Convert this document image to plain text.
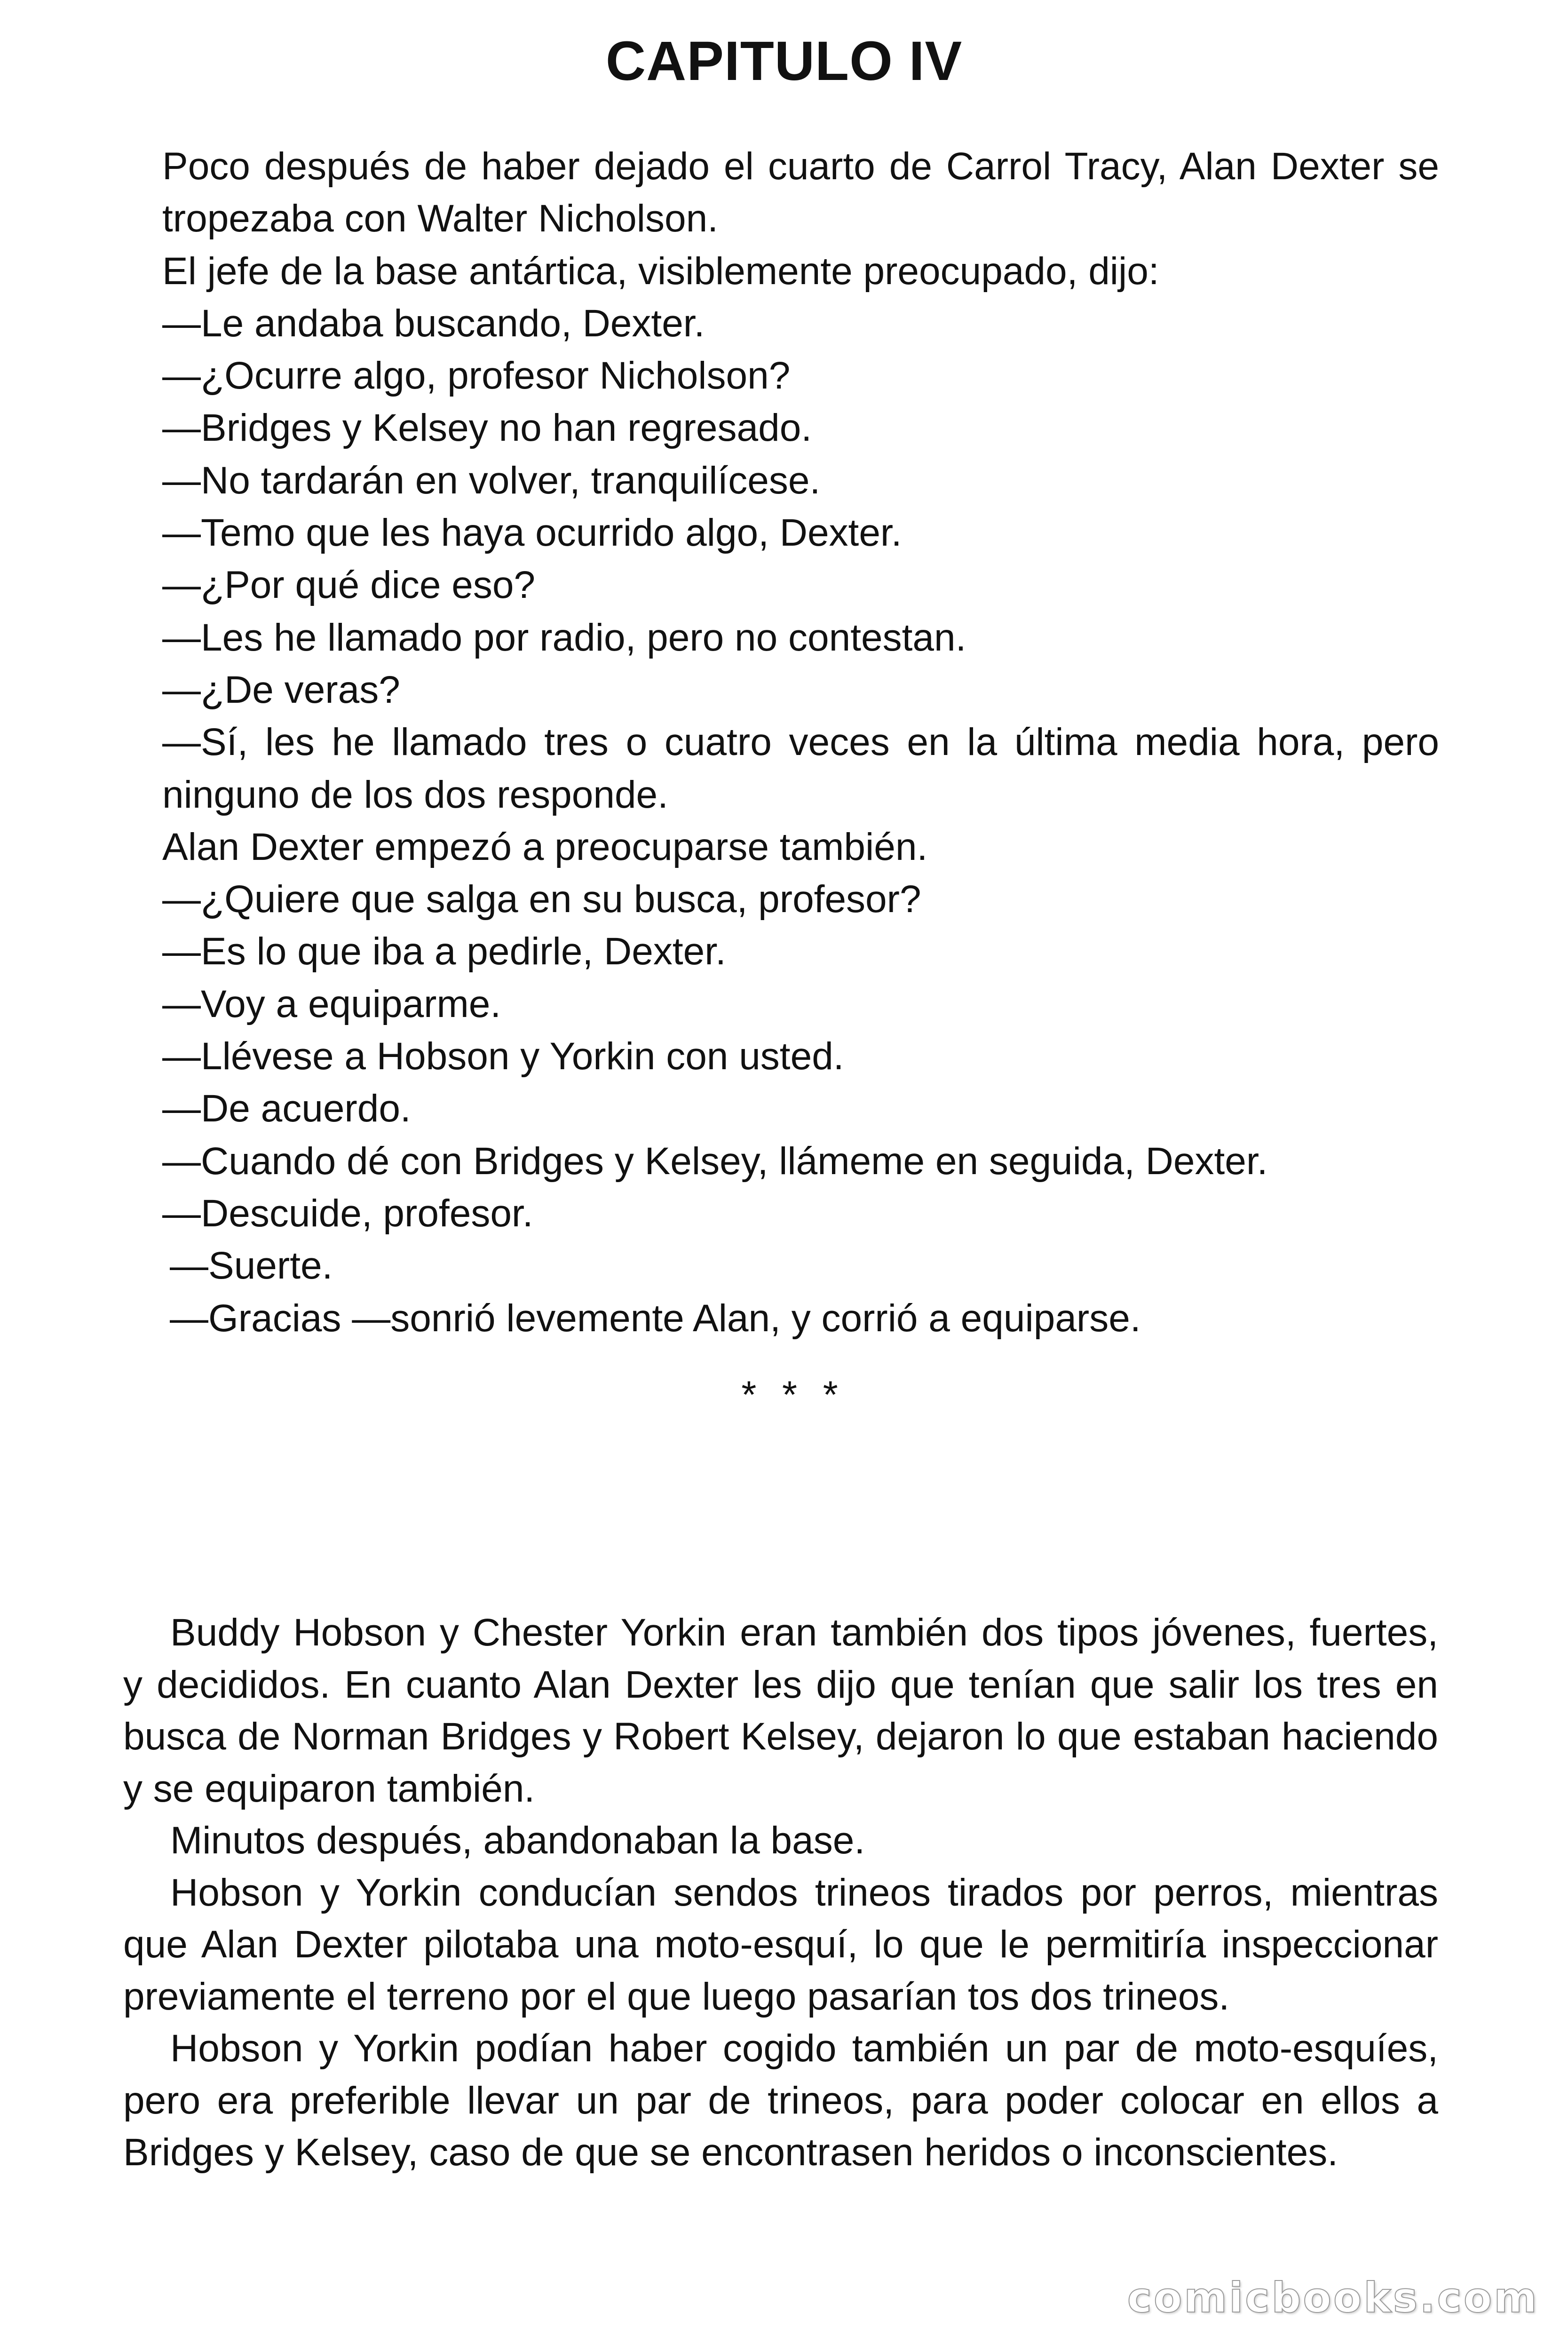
CAPITULO IV

Poco después de haber dejado el cuarto de Carrol Tracy, Alan Dexter se tropezaba con Walter Nicholson.

El jefe de la base antártica, visiblemente preocupado, dijo:

—Le andaba buscando, Dexter.

—¿Ocurre algo, profesor Nicholson?

—Bridges y Kelsey no han regresado.

—No tardarán en volver, tranquilícese.

—Temo que les haya ocurrido algo, Dexter.

—¿Por qué dice eso?

—Les he llamado por radio, pero no contestan.

—¿De veras?

—Sí, les he llamado tres o cuatro veces en la última media hora, pero ninguno de los dos responde.

Alan Dexter empezó a preocuparse también.

—¿Quiere que salga en su busca, profesor?

—Es lo que iba a pedirle, Dexter.

—Voy a equiparme.

—Llévese a Hobson y Yorkin con usted.

—De acuerdo.

—Cuando dé con Bridges y Kelsey, llámeme en seguida, Dexter.

—Descuide, profesor.

—Suerte.

—Gracias —sonrió levemente Alan, y corrió a equiparse.

* * *

Buddy Hobson y Chester Yorkin eran también dos tipos jóvenes, fuertes, y decididos. En cuanto Alan Dexter les dijo que tenían que salir los tres en busca de Norman Bridges y Robert Kelsey, dejaron lo que estaban haciendo y se equiparon también.

Minutos después, abandonaban la base.

Hobson y Yorkin conducían sendos trineos tirados por perros, mientras que Alan Dexter pilotaba una moto-esquí, lo que le permitiría inspeccionar previamente el terreno por el que luego pasarían tos dos trineos.

Hobson y Yorkin podían haber cogido también un par de moto-esquíes, pero era preferible llevar un par de trineos, para poder colocar en ellos a Bridges y Kelsey, caso de que se encontrasen heridos o inconscientes.

comicbooks.com
